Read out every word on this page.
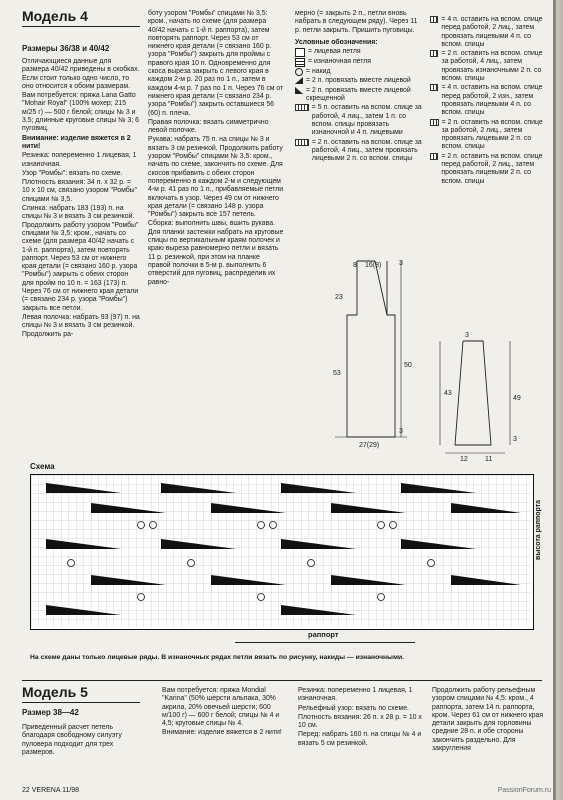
Модель 4
Размеры 36/38 и 40/42

Отличающиеся данные для размера 40/42 приведены в скобках. Если стоит только одно число, то оно относится к обоим размерам.

Вам потребуется: пряжа Lana Gatto "Mohair Royal" (100% мохер; 215 м/25 г) — 500 г белой; спицы № 3 и 3,5; длинные круговые спицы № 3; 6 пуговиц.

Внимание: изделие вяжется в 2 нити!

Резинка: попеременно 1 лицевая, 1 изнаночная.

Узор "Ромбы": вязать по схеме.

Плотность вязания: 34 п. x 32 р. = 10 x 10 см, связано узором "Ромбы" спицами № 3,5.

Спинка: набрать 183 (193) п. на спицы № 3 и вязать 3 см резинкой. Продолжить работу узором "Ромбы" спицами № 3,5: кром., начать со схеме (для размера 40/42 начать с 1-й п. раппорта), затем повторять раппорт. Через 53 см от нижнего края детали (= связано 160 р. узора "Ромбы") закрыть с обеих сторон для пройм по 10 п. = 163 (173) п. Через 76 см от нижнего края детали (= связано 234 р. узора "Ромбы") закрыть все петли.

Левая полочка: набрать 93 (97) п. на спицы № 3 и вязать 3 см резинкой. Продолжить ра-

боту узором "Ромбы" спицами № 3,5: кром., начать по схеме (для размера 40/42 начать с 1-й п. раппорта), затем повторять раппорт. Через 53 см от нижнего края детали (= связано 160 р. узора "Ромбы") закрыть для проймы с правого края 10 п. Одновременно для скоса выреза закрыть с левого края в каждом 2-м р. 20 раз по 1 п., затем в каждом 4-м р. 7 раз по 1 п. Через 76 см от нижнего края детали (= связано 234 р. узора "Ромбы") закрыть оставшиеся 56 (60) п. плеча.

Правая полочка: вязать симметрично левой полочке.

Рукава: набрать 75 п. на спицы № 3 и вязать 3 см резинкой. Продолжить работу узором "Ромбы" спицами № 3,5: кром., начать по схеме, закончить по схеме. Для скосов прибавить с обеих сторон попеременно в каждом 2-м и следующем 4-м р. 41 раз по 1 п., прибавляемые петли включать в узор. Через 49 см от нижнего края детали (= связано 148 р. узора "Ромбы") закрыть все 157 петель.

Сборка: выполнить швы, вшить рукава. Для планки застежки набрать на круговые спицы по вертикальным краям полочек и краю выреза равномерно петли и вязать 11 р. резинкой, при этом на планке правой полочки в 5-м р. выполнить 6 отверстий для пуговиц, распределив их равно-

мерно (= закрыть 2 п., петли вновь набрать в следующем ряду). Через 11 р. петли закрыть. Пришить пуговицы.

Условные обозначения:

= лицевая петля
= изнаночная петля
= накид
= 2 п. провязать вместе лицевой
= 2 п. провязать вместе лицевой скрещенной
= 5 п. оставить на вспом. спице за работой, 4 лиц., затем 1 п. со вспом. спицы провязать изнаночной и 4 п. лицевыми
= 2 п. оставить на вспом. спице за работой, 4 лиц., затем провязать лицевыми 2 п. со вспом. спицы
= 4 п. оставить на вспом. спице перед работой, 2 лиц., затем провязать лицевыми 4 п. со вспом. спицы
= 2 п. оставить на вспом. спице за работой, 4 лиц., затем провязать изнаночными 2 п. со вспом. спицы
= 4 п. оставить на вспом. спице перед работой, 2 изн., затем провязать лицевыми 4 п. со вспом. спицы
= 2 п. оставить на вспом. спице за работой, 2 лиц., затем провязать лицевыми 2 п. со вспом. спицы
= 2 п. оставить на вспом. спице перед работой, 2 лиц., затем провязать лицевыми 2 п. со вспом. спицы
8 16(8)	3
23
53
50
3
27(29)
3
43
49
3
12 11
Схема
высота раппорта
раппорт
На схеме даны только лицевые ряды. В изнаночных рядах петли вязать по рисунку, накиды — изнаночными.
Модель 5
Размер 38—42

Приведенный расчет петель благодаря свободному силуэту пуловера подходит для трех размеров.

Вам потребуется: пряжа Mondial "Karina" (50% шерсти альпака, 30% акрила, 20% овечьей шерсти; 600 м/100 г) — 600 г белой; спицы № 4 и 4,5; круговые спицы № 4.

Внимание: изделие вяжется в 2 нити!

Резинка: попеременно 1 лицевая, 1 изнаночная.

Рельефный узор: вязать по схеме.

Плотность вязания: 26 п. x 28 р. = 10 x 10 см.

Перед: набрать 160 п. на спицы № 4 и вязать 5 см резинкой.

Продолжить работу рельефным узором спицами № 4,5: кром., 4 раппорта, затем 14 п. раппорта, кром. Через 61 см от нижнего края детали закрыть для горловины средние 28 п. и обе стороны закончить раздельно. Для закругления

22 VERENA 11/98	PassionForum.ru
